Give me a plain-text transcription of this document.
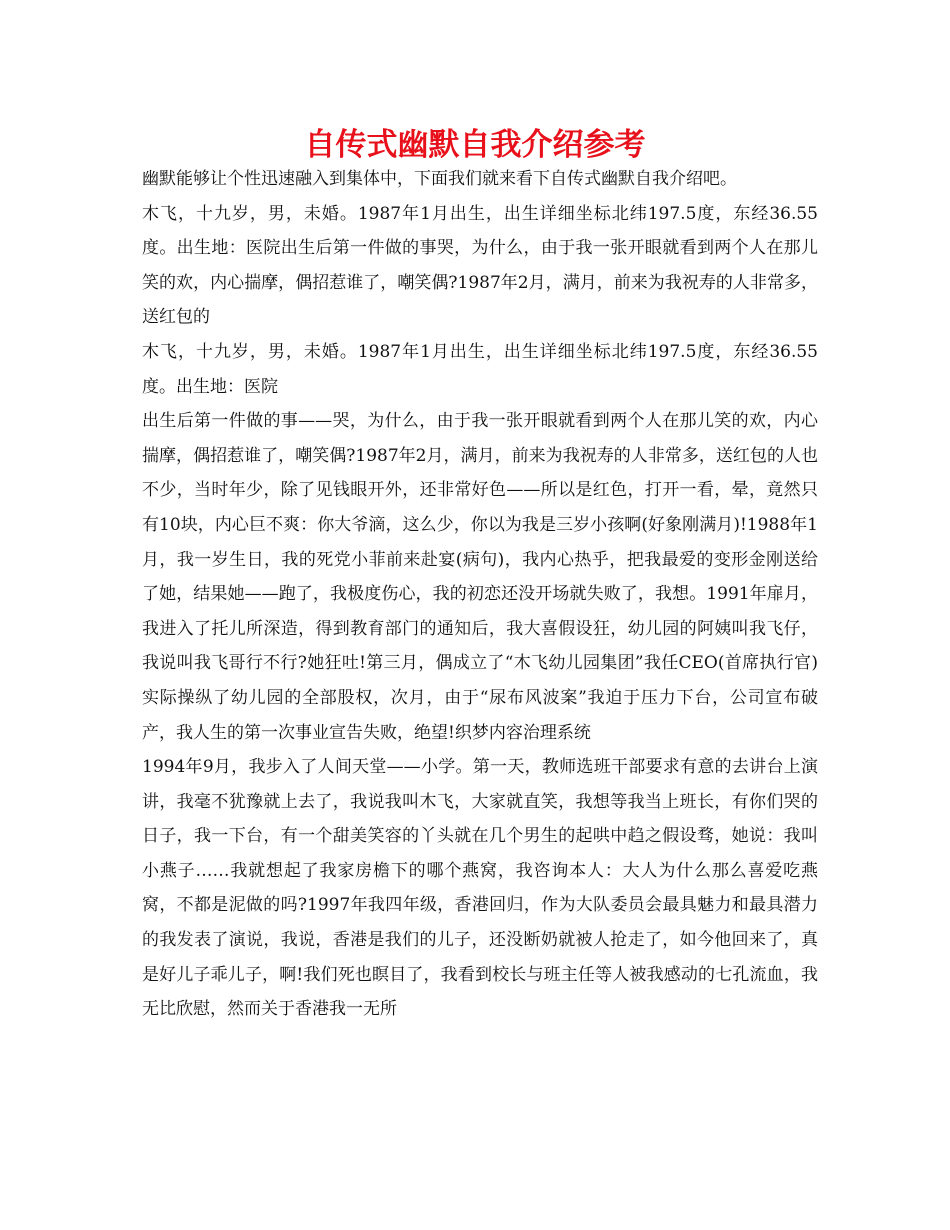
自传式幽默自我介绍参考

幽默能够让个性迅速融入到集体中，下面我们就来看下自传式幽默自我介绍吧。

木飞，十九岁，男，未婚。1987年1月出生，出生详细坐标北纬197.5度，东经36.55度。出生地：医院出生后第一件做的事哭，为什么，由于我一张开眼就看到两个人在那儿笑的欢，内心揣摩，偶招惹谁了，嘲笑偶?1987年2月，满月，前来为我祝寿的人非常多，送红包的

木飞，十九岁，男，未婚。1987年1月出生，出生详细坐标北纬197.5度，东经36.55度。出生地：医院

出生后第一件做的事——哭，为什么，由于我一张开眼就看到两个人在那儿笑的欢，内心揣摩，偶招惹谁了，嘲笑偶?1987年2月，满月，前来为我祝寿的人非常多，送红包的人也不少，当时年少，除了见钱眼开外，还非常好色——所以是红色，打开一看，晕，竟然只有10块，内心巨不爽：你大爷滴，这么少，你以为我是三岁小孩啊(好象刚满月)!1988年1月，我一岁生日，我的死党小菲前来赴宴(病句)，我内心热乎，把我最爱的变形金刚送给了她，结果她——跑了，我极度伤心，我的初恋还没开场就失败了，我想。1991年扉月，我进入了托儿所深造，得到教育部门的通知后，我大喜假设狂，幼儿园的阿姨叫我飞仔，我说叫我飞哥行不行?她狂吐!第三月，偶成立了“木飞幼儿园集团”我任CEO(首席执行官)实际操纵了幼儿园的全部股权，次月，由于“尿布风波案”我迫于压力下台，公司宣布破产，我人生的第一次事业宣告失败，绝望!织梦内容治理系统

1994年9月，我步入了人间天堂——小学。第一天，教师选班干部要求有意的去讲台上演讲，我毫不犹豫就上去了，我说我叫木飞，大家就直笑，我想等我当上班长，有你们哭的日子，我一下台，有一个甜美笑容的丫头就在几个男生的起哄中趋之假设骛，她说：我叫小燕子……我就想起了我家房檐下的哪个燕窝，我咨询本人：大人为什么那么喜爱吃燕窝，不都是泥做的吗?1997年我四年级，香港回归，作为大队委员会最具魅力和最具潜力的我发表了演说，我说，香港是我们的儿子，还没断奶就被人抢走了，如今他回来了，真是好儿子乖儿子，啊!我们死也瞑目了，我看到校长与班主任等人被我感动的七孔流血，我无比欣慰，然而关于香港我一无所
